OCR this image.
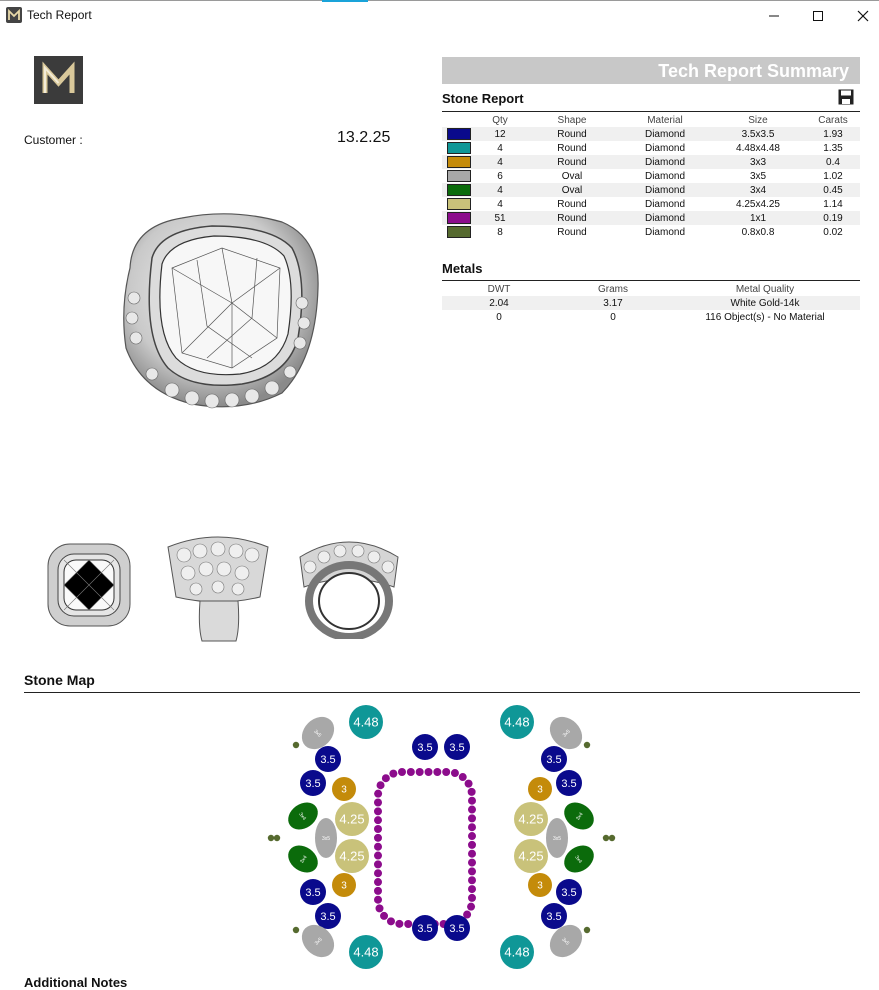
Tech Report
Customer :	13.2.25
Tech Report Summary
Stone Report
	Qty	Shape	Material	Size	Carats
	12	Round	Diamond	3.5x3.5	1.93
	4	Round	Diamond	4.48x4.48	1.35
	4	Round	Diamond	3x3	0.4
	6	Oval	Diamond	3x5	1.02
	4	Oval	Diamond	3x4	0.45
	4	Round	Diamond	4.25x4.25	1.14
	51	Round	Diamond	1x1	0.19
	8	Round	Diamond	0.8x0.8	0.02
Metals
DWT	Grams	Metal Quality
2.04	3.17	White Gold-14k
0	0	116 Object(s) - No Material
Stone Map
3.5 3.5
3.5 3.5
3.5
3.5
3.5
3.5
3.5
3.5
3.5
3.5
4.48	4.48
4.48	4.48
3	3
3	3
4.25	4.25
4.25	4.25
3x5	3x5
3x5	3x5
3x5	3x5
3x4
3x4
3x4
3x4
Additional Notes
